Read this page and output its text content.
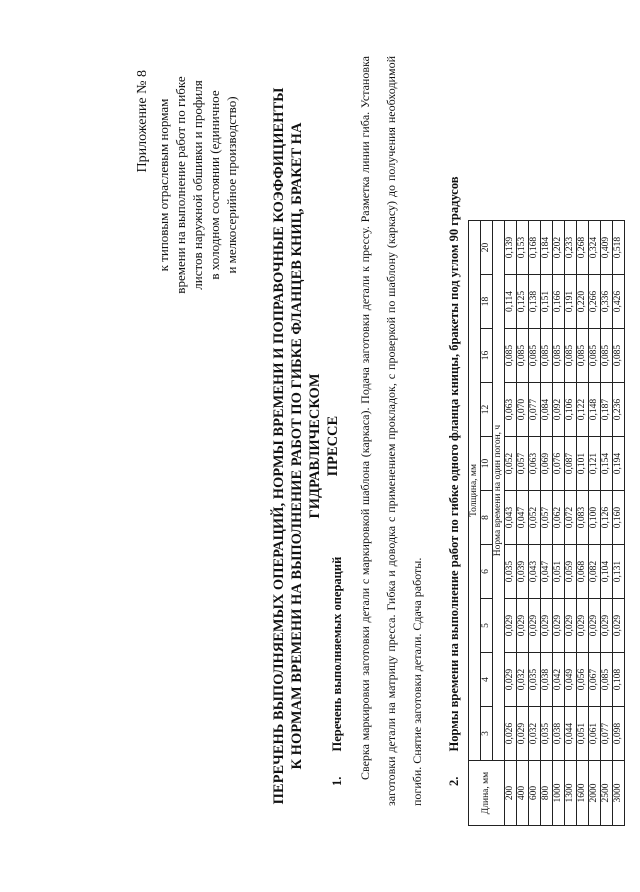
Приложение № 8 к типовым отраслевым нормам времени на выполнение работ по гибке листов наружной обшивки и профиля в холодном состоянии (единичное и мелкосерийное производство) ПЕРЕЧЕНЬ ВЫПОЛНЯЕМЫХ ОПЕРАЦИЙ, НОРМЫ ВРЕМЕНИ И ПОПРАВОЧНЫЕ КОЭФФИЦИЕНТЫ К НОРМАМ ВРЕМЕНИ НА ВЫПОЛНЕНИЕ РАБОТ ПО ГИБКЕ ФЛАНЦЕВ КНИЦ, БРАКЕТ НА ГИДРАВЛИЧЕСКОМ ПРЕССЕ
1. Перечень выполняемых операций	Сверка маркировки заготовки детали с маркировкой шаблона (каркаса). Подача заготовки детали к прессу. Разметка линии гиба. Установка заготовки детали на матрицу пресса. Гибка и доводка с применением прокладок, с проверкой по шаблону (каркасу) до получения необходимой погиби. Снятие заготовки детали. Сдача работы.	2. Нормы времени на выполнение работ по гибке одного фланца кницы, бракеты под углом 90 градусов
Длина, мм	Толщина, мм									
	3	4	5	6	8	10	12	16	18	20
	Норма времени на один погон, ч									
200	0,026	0,029	0,029	0,035	0,043	0,052	0,063	0,085	0,114	0,139
400	0,029	0,032	0,029	0,039	0,047	0,057	0,070	0,085	0,125	0,153
600	0,032	0,035	0,029	0,043	0,052	0,063	0,077	0,085	0,138	0,168
800	0,035	0,038	0,029	0,047	0,057	0,069	0,084	0,085	0,151	0,184
1000	0,038	0,042	0,029	0,051	0,062	0,076	0,092	0,085	0,166	0,202
1300	0,044	0,049	0,029	0,059	0,072	0,087	0,106	0,085	0,191	0,233
1600	0,051	0,056	0,029	0,068	0,083	0,101	0,122	0,085	0,220	0,268
2000	0,061	0,067	0,029	0,082	0,100	0,121	0,148	0,085	0,266	0,324
2500	0,077	0,085	0,029	0,104	0,126	0,154	0,187	0,085	0,336	0,409
3000	0,098	0,108	0,029	0,131	0,160	0,194	0,236	0,085	0,426	0,518
